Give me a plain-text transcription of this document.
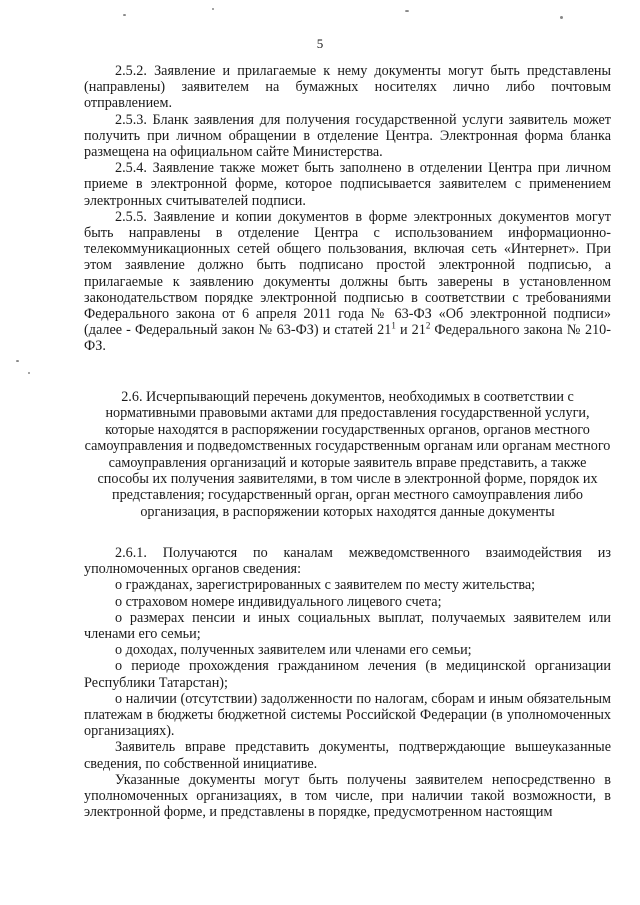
5

2.5.2. Заявление и прилагаемые к нему документы могут быть представлены (направлены) заявителем на бумажных носителях лично либо почтовым отправлением.

2.5.3. Бланк заявления для получения государственной услуги заявитель может получить при личном обращении в отделение Центра. Электронная форма бланка размещена на официальном сайте Министерства.

2.5.4. Заявление также может быть заполнено в отделении Центра при личном приеме в электронной форме, которое подписывается заявителем с применением электронных считывателей подписи.

2.5.5. Заявление и копии документов в форме электронных документов могут быть направлены в отделение Центра с использованием информационно-телекоммуникационных сетей общего пользования, включая сеть «Интернет». При этом заявление должно быть подписано простой электронной подписью, а прилагаемые к заявлению документы должны быть заверены в установленном законодательством порядке электронной подписью в соответствии с требованиями Федерального закона от 6 апреля 2011 года № 63-ФЗ «Об электронной подписи» (далее - Федеральный закон № 63-ФЗ) и статей $21^1$ и $21^2$ Федерального закона № 210-ФЗ.

2.6. Исчерпывающий перечень документов, необходимых в соответствии с нормативными правовыми актами для предоставления государственной услуги, которые находятся в распоряжении государственных органов, органов местного самоуправления и подведомственных государственным органам или органам местного самоуправления организаций и которые заявитель вправе представить, а также способы их получения заявителями, в том числе в электронной форме, порядок их представления; государственный орган, орган местного самоуправления либо организация, в распоряжении которых находятся данные документы

2.6.1. Получаются по каналам межведомственного взаимодействия из уполномоченных органов сведения:

о гражданах, зарегистрированных с заявителем по месту жительства;

о страховом номере индивидуального лицевого счета;

о размерах пенсии и иных социальных выплат, получаемых заявителем или членами его семьи;

о доходах, полученных заявителем или членами его семьи;

о периоде прохождения гражданином лечения (в медицинской организации Республики Татарстан);

о наличии (отсутствии) задолженности по налогам, сборам и иным обязательным платежам в бюджеты бюджетной системы Российской Федерации (в уполномоченных организациях).

Заявитель вправе представить документы, подтверждающие вышеуказанные сведения, по собственной инициативе.

Указанные документы могут быть получены заявителем непосредственно в уполномоченных организациях, в том числе, при наличии такой возможности, в электронной форме, и представлены в порядке, предусмотренном настоящим
